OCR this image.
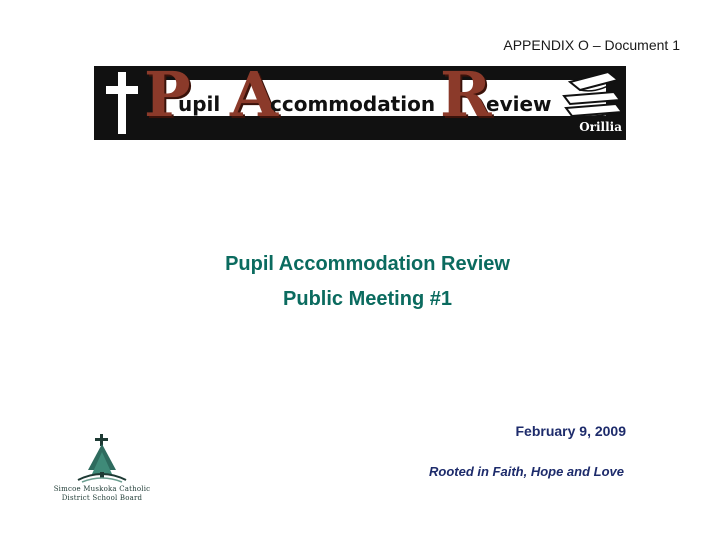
APPENDIX O – Document 1
P
upil A
ccommodation R
eview
Orillia
Pupil Accommodation Review
Public Meeting #1
February 9, 2009
Rooted in Faith, Hope and Love
Simcoe Muskoka Catholic
District School Board
